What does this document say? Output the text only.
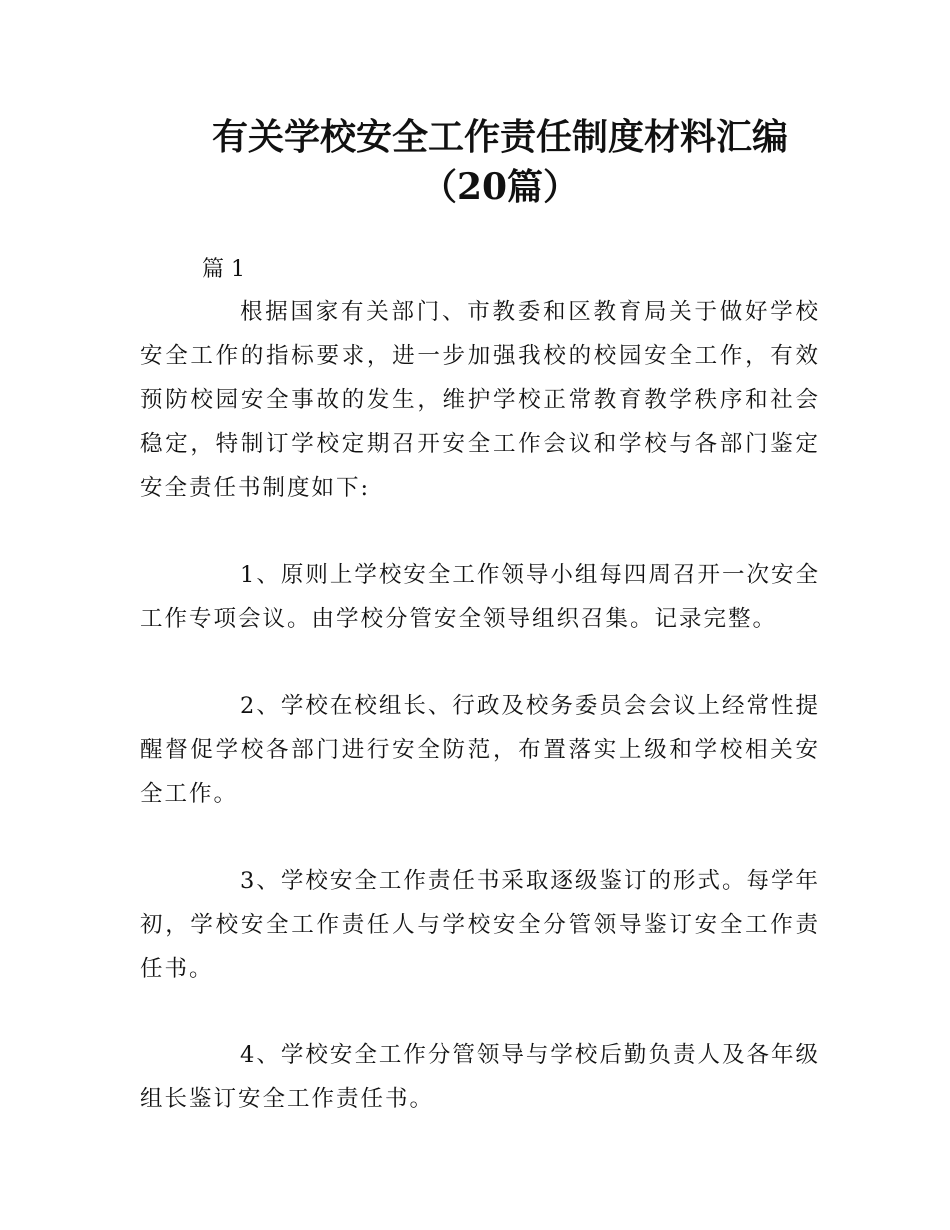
有关学校安全工作责任制度材料汇编（20篇）

篇 1

根据国家有关部门、市教委和区教育局关于做好学校安全工作的指标要求，进一步加强我校的校园安全工作，有效预防校园安全事故的发生，维护学校正常教育教学秩序和社会稳定，特制订学校定期召开安全工作会议和学校与各部门鉴定安全责任书制度如下:

1、原则上学校安全工作领导小组每四周召开一次安全工作专项会议。由学校分管安全领导组织召集。记录完整。

2、学校在校组长、行政及校务委员会会议上经常性提醒督促学校各部门进行安全防范，布置落实上级和学校相关安全工作。

3、学校安全工作责任书采取逐级鉴订的形式。每学年初，学校安全工作责任人与学校安全分管领导鉴订安全工作责任书。

4、学校安全工作分管领导与学校后勤负责人及各年级组长鉴订安全工作责任书。
